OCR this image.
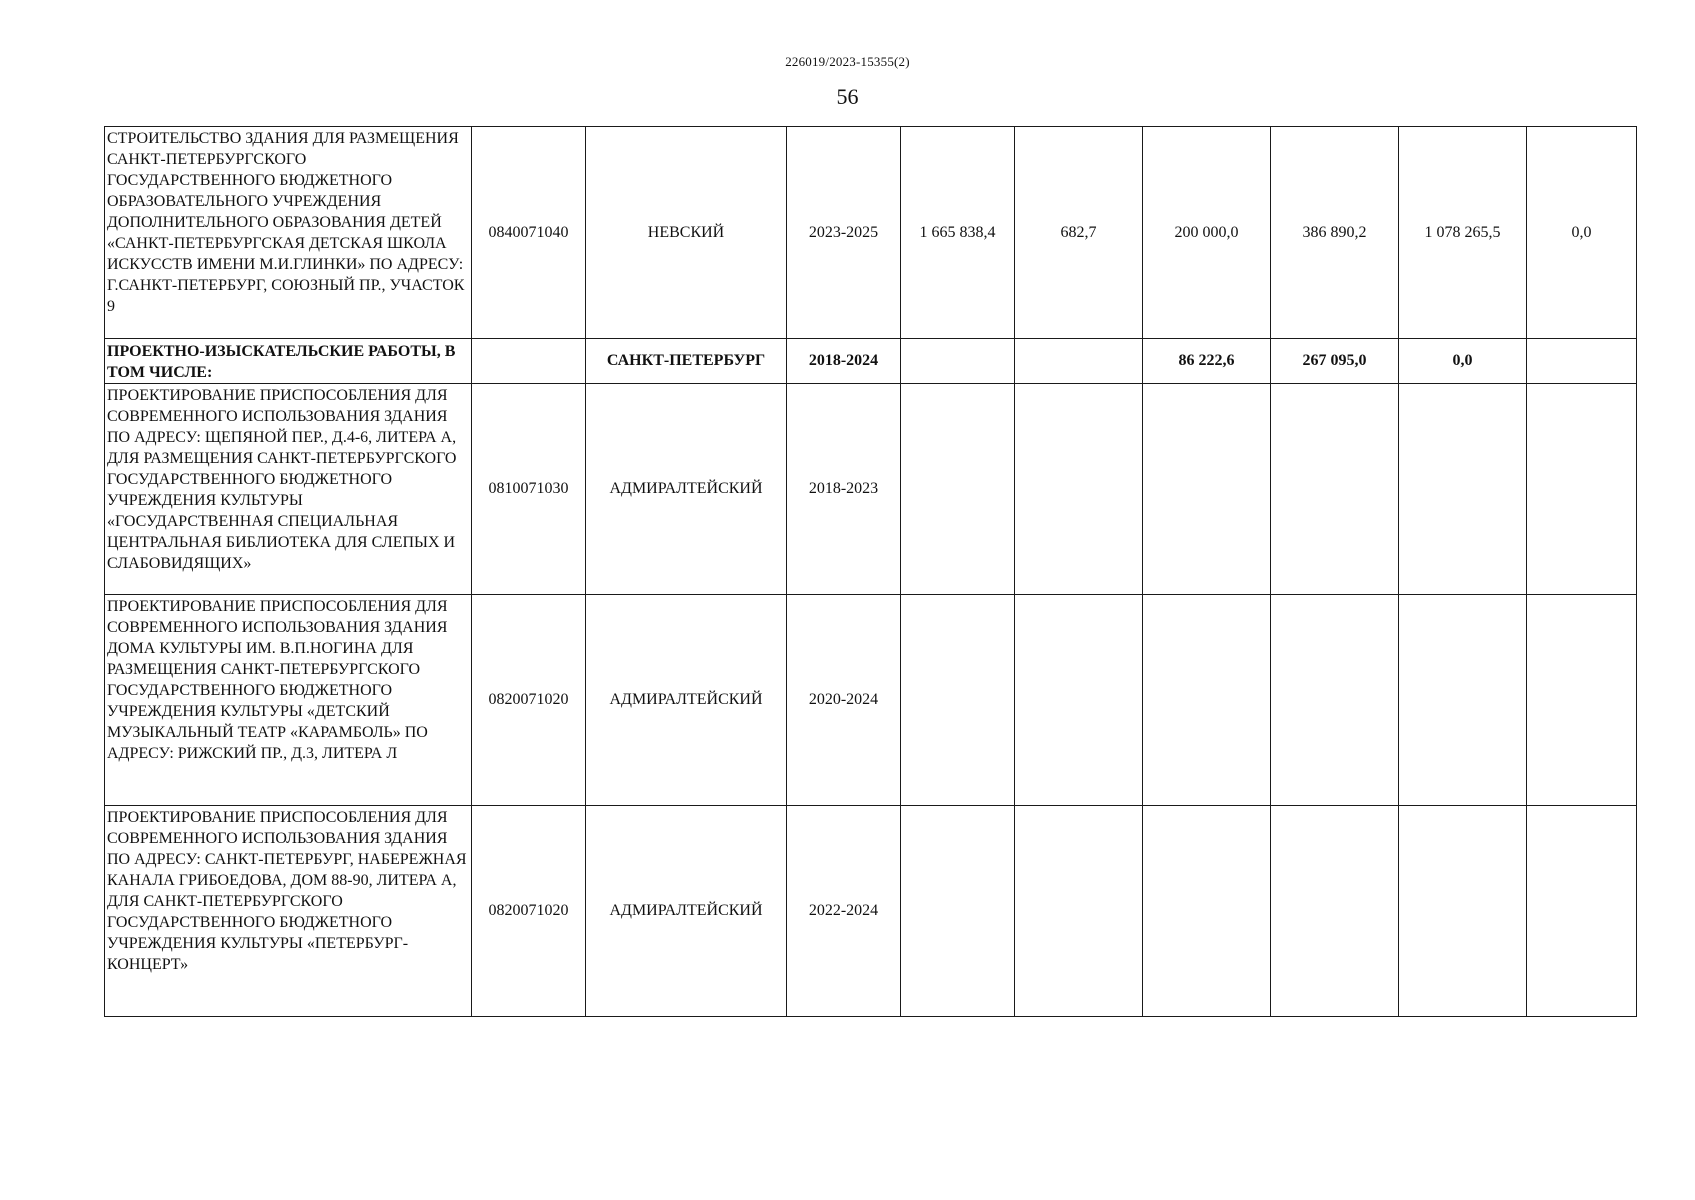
226019/2023-15355(2)
56
СТРОИТЕЛЬСТВО ЗДАНИЯ ДЛЯ РАЗМЕЩЕНИЯ САНКТ-ПЕТЕРБУРГСКОГО ГОСУДАРСТВЕННОГО БЮДЖЕТНОГО ОБРАЗОВАТЕЛЬНОГО УЧРЕЖДЕНИЯ ДОПОЛНИТЕЛЬНОГО ОБРАЗОВАНИЯ ДЕТЕЙ «САНКТ-ПЕТЕРБУРГСКАЯ ДЕТСКАЯ ШКОЛА ИСКУССТВ ИМЕНИ М.И.ГЛИНКИ» ПО АДРЕСУ: Г.САНКТ-ПЕТЕРБУРГ, СОЮЗНЫЙ ПР., УЧАСТОК 9	0840071040	НЕВСКИЙ	2023-2025	1 665 838,4	682,7	200 000,0	386 890,2	1 078 265,5	0,0
ПРОЕКТНО-ИЗЫСКАТЕЛЬСКИЕ РАБОТЫ, В ТОМ ЧИСЛЕ:		САНКТ-ПЕТЕРБУРГ	2018-2024			86 222,6	267 095,0	0,0	
ПРОЕКТИРОВАНИЕ ПРИСПОСОБЛЕНИЯ ДЛЯ СОВРЕМЕННОГО ИСПОЛЬЗОВАНИЯ ЗДАНИЯ ПО АДРЕСУ: ЩЕПЯНОЙ ПЕР., Д.4-6, ЛИТЕРА А, ДЛЯ РАЗМЕЩЕНИЯ САНКТ-ПЕТЕРБУРГСКОГО ГОСУДАРСТВЕННОГО БЮДЖЕТНОГО УЧРЕЖДЕНИЯ КУЛЬТУРЫ «ГОСУДАРСТВЕННАЯ СПЕЦИАЛЬНАЯ ЦЕНТРАЛЬНАЯ БИБЛИОТЕКА ДЛЯ СЛЕПЫХ И СЛАБОВИДЯЩИХ»	0810071030	АДМИРАЛТЕЙСКИЙ	2018-2023						
ПРОЕКТИРОВАНИЕ ПРИСПОСОБЛЕНИЯ ДЛЯ СОВРЕМЕННОГО ИСПОЛЬЗОВАНИЯ ЗДАНИЯ ДОМА КУЛЬТУРЫ ИМ. В.П.НОГИНА ДЛЯ РАЗМЕЩЕНИЯ САНКТ-ПЕТЕРБУРГСКОГО ГОСУДАРСТВЕННОГО БЮДЖЕТНОГО УЧРЕЖДЕНИЯ КУЛЬТУРЫ «ДЕТСКИЙ МУЗЫКАЛЬНЫЙ ТЕАТР «КАРАМБОЛЬ» ПО АДРЕСУ: РИЖСКИЙ ПР., Д.3, ЛИТЕРА Л	0820071020	АДМИРАЛТЕЙСКИЙ	2020-2024						
ПРОЕКТИРОВАНИЕ ПРИСПОСОБЛЕНИЯ ДЛЯ СОВРЕМЕННОГО ИСПОЛЬЗОВАНИЯ ЗДАНИЯ ПО АДРЕСУ: САНКТ-ПЕТЕРБУРГ, НАБЕРЕЖНАЯ КАНАЛА ГРИБОЕДОВА, ДОМ 88-90, ЛИТЕРА А, ДЛЯ САНКТ-ПЕТЕРБУРГСКОГО ГОСУДАРСТВЕННОГО БЮДЖЕТНОГО УЧРЕЖДЕНИЯ КУЛЬТУРЫ «ПЕТЕРБУРГ-КОНЦЕРТ»	0820071020	АДМИРАЛТЕЙСКИЙ	2022-2024						
